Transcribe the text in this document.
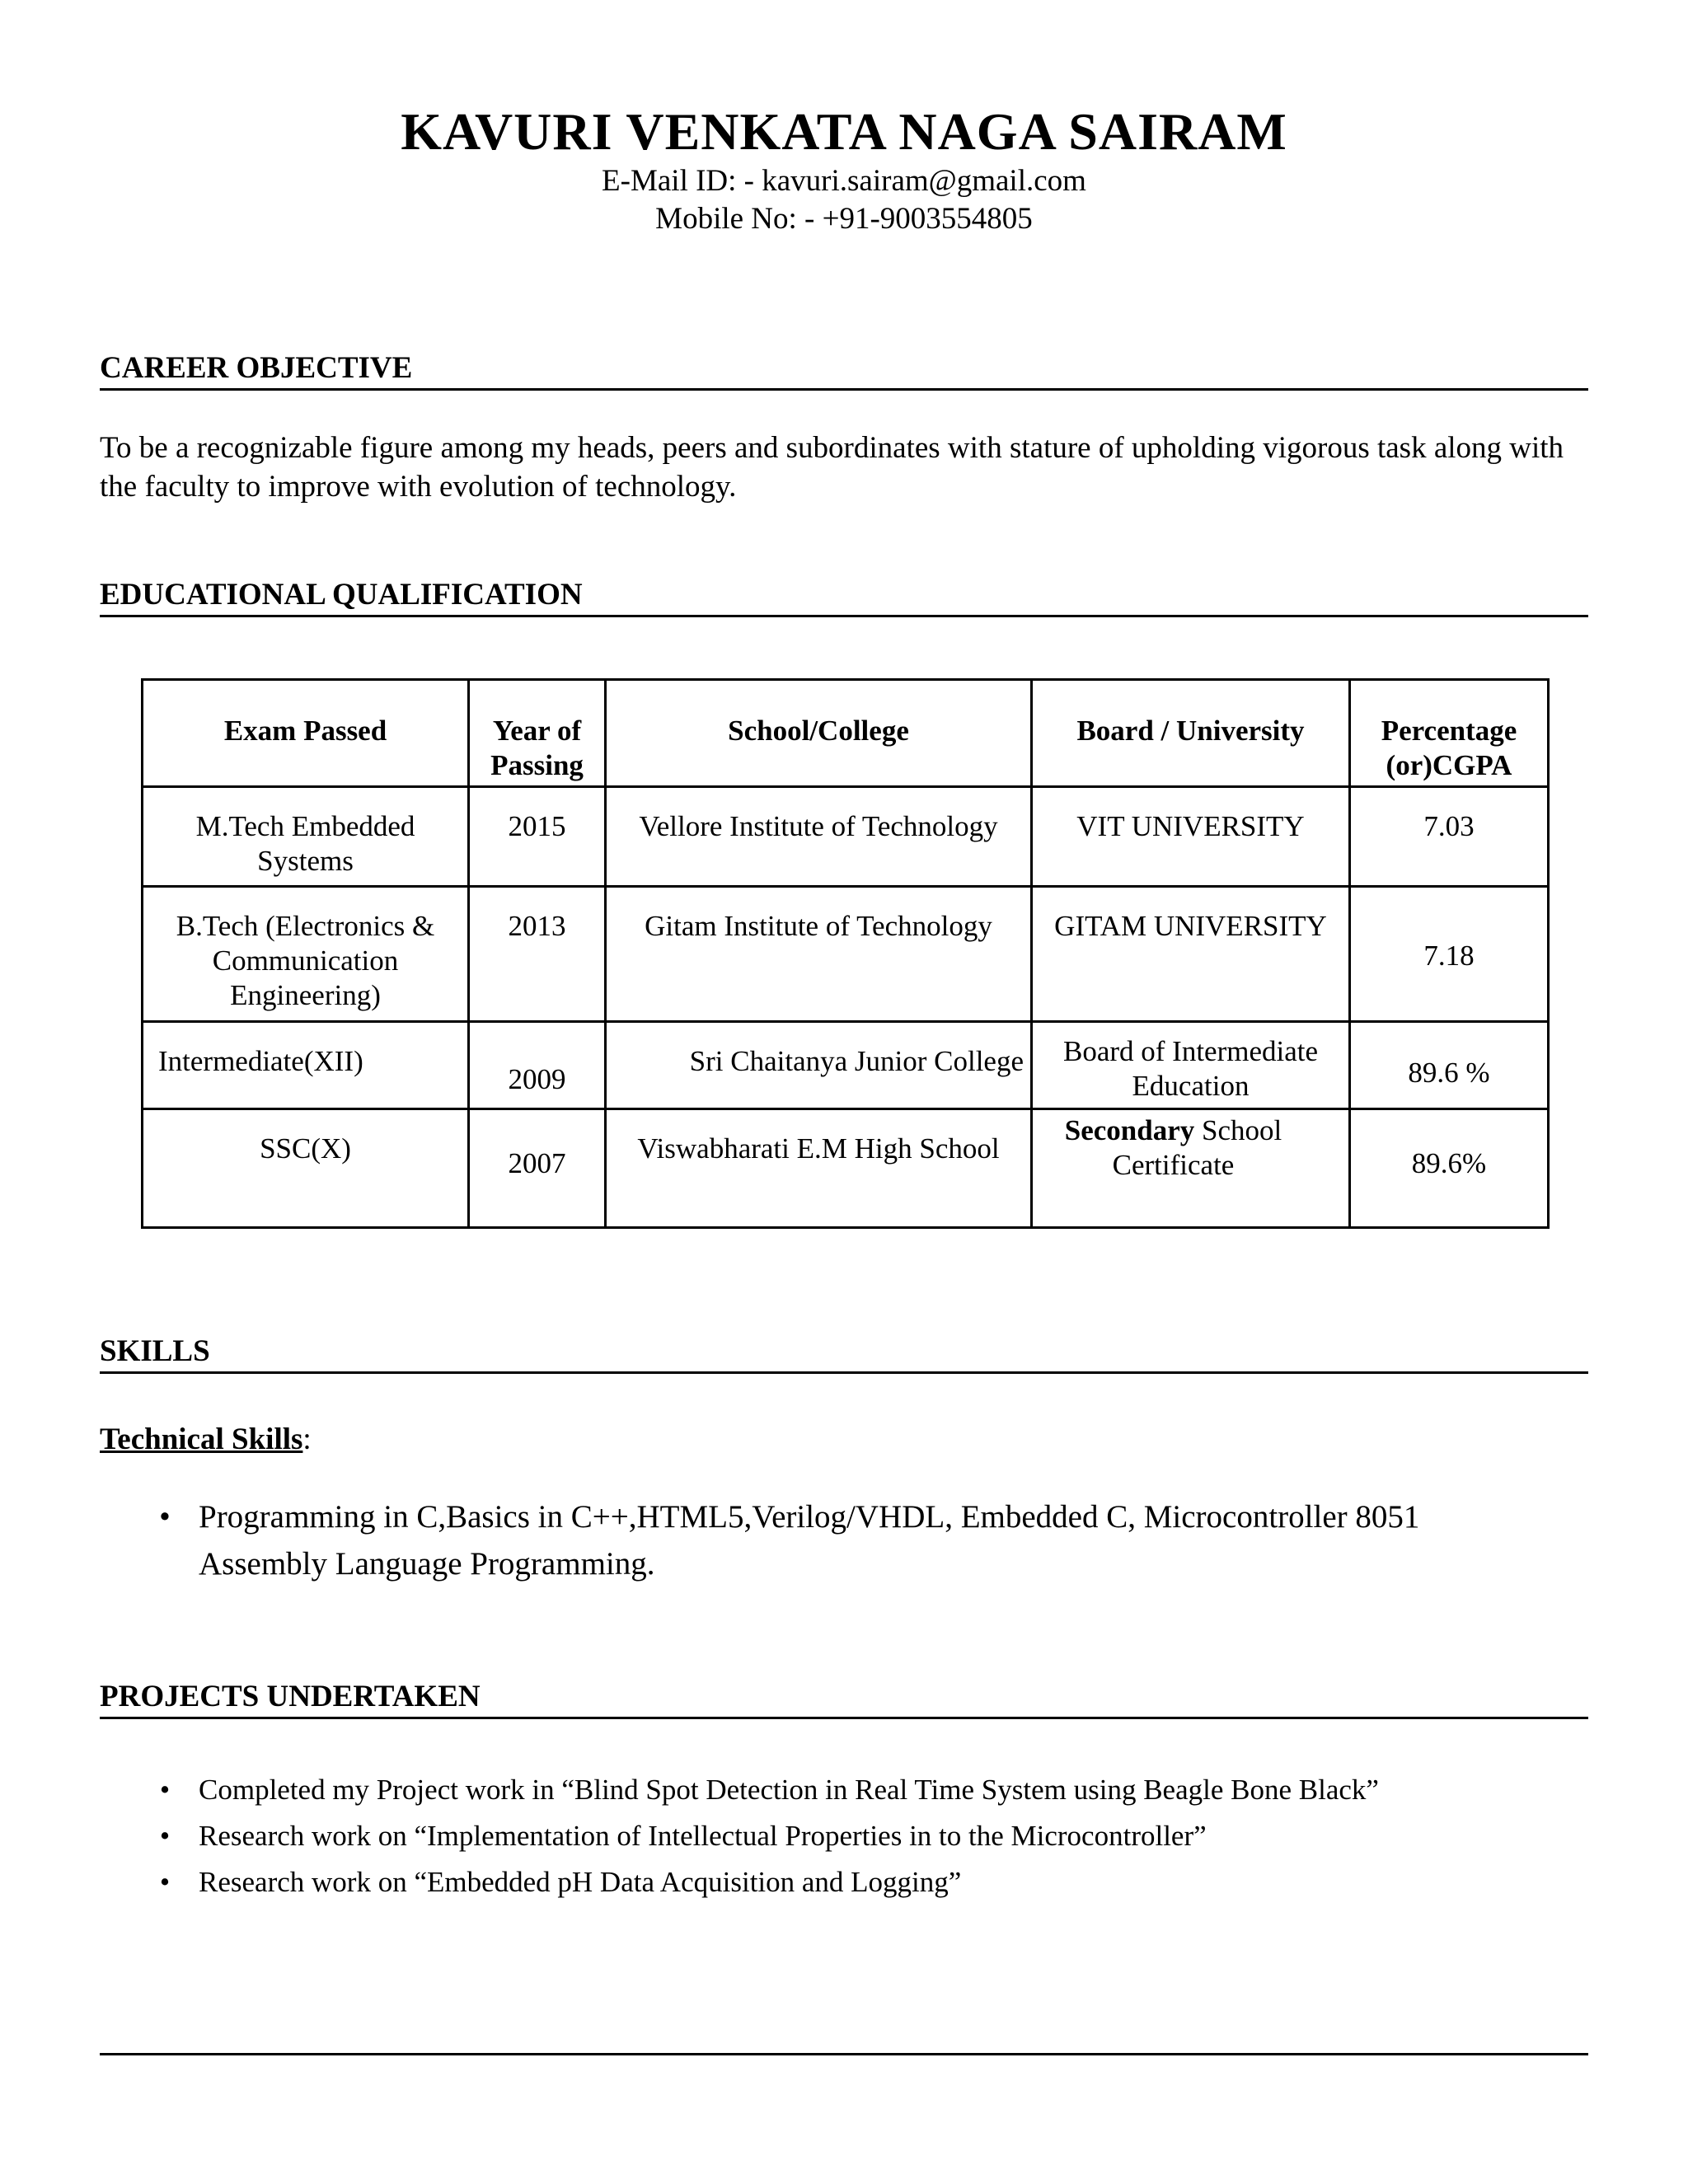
KAVURI VENKATA NAGA SAIRAM
E-Mail ID: - kavuri.sairam@gmail.com
Mobile No: - +91-9003554805
CAREER OBJECTIVE
To be a recognizable figure among my heads, peers and subordinates with stature of upholding vigorous task along with the faculty to improve with evolution of technology.
EDUCATIONAL QUALIFICATION
Exam Passed	Year of Passing	School/College	Board / University	Percentage (or)CGPA
M.Tech Embedded Systems	2015	Vellore Institute of Technology	VIT UNIVERSITY	7.03
B.Tech (Electronics & Communication Engineering)	2013	Gitam Institute of Technology	GITAM UNIVERSITY	7.18
Intermediate(XII)	2009	Sri Chaitanya Junior College	Board of Intermediate Education	89.6 %
SSC(X)	2007	Viswabharati E.M High School	Secondary School Certificate	89.6%
SKILLS
Technical Skills:
• Programming in C,Basics in C++,HTML5,Verilog/VHDL, Embedded C, Microcontroller 8051 Assembly Language Programming.
PROJECTS UNDERTAKEN
• Completed my Project work in “Blind Spot Detection in Real Time System using Beagle Bone Black”
• Research work on “Implementation of Intellectual Properties in to the Microcontroller”
• Research work on “Embedded pH Data Acquisition and Logging”
